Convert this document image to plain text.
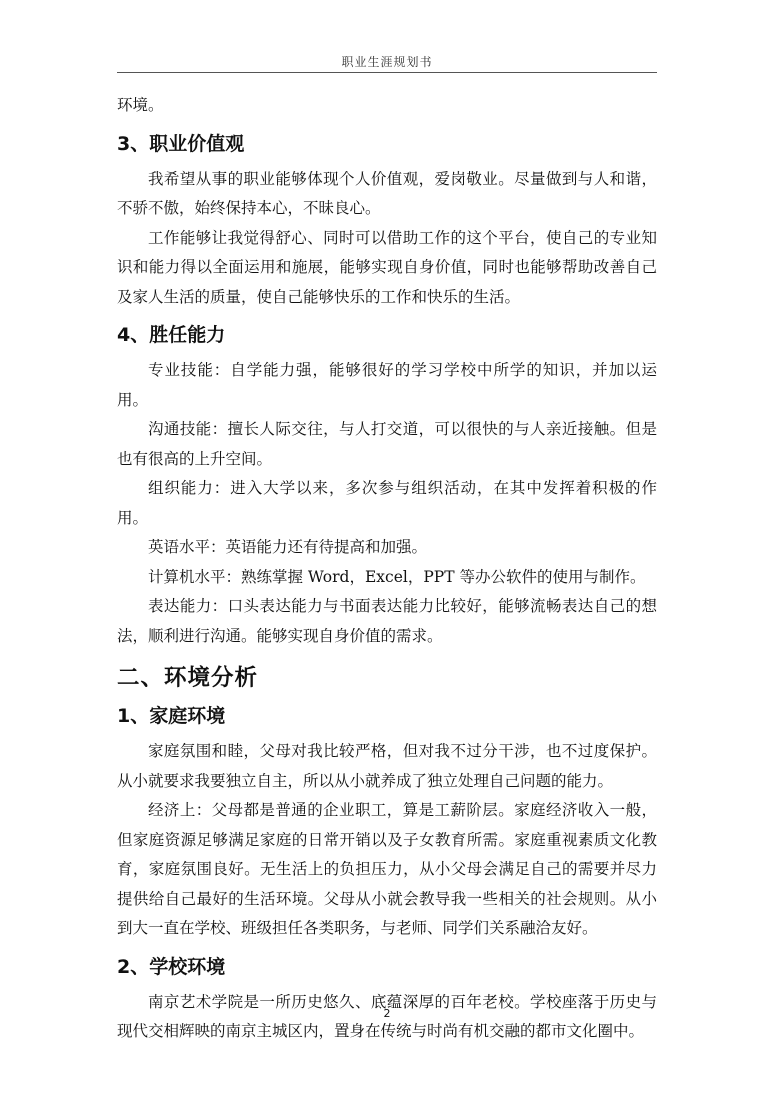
职业生涯规划书

环境。

3、职业价值观

我希望从事的职业能够体现个人价值观，爱岗敬业。尽量做到与人和谐，不骄不傲，始终保持本心，不昧良心。

工作能够让我觉得舒心、同时可以借助工作的这个平台，使自己的专业知识和能力得以全面运用和施展，能够实现自身价值，同时也能够帮助改善自己及家人生活的质量，使自己能够快乐的工作和快乐的生活。

4、胜任能力

专业技能：自学能力强，能够很好的学习学校中所学的知识，并加以运用。

沟通技能：擅长人际交往，与人打交道，可以很快的与人亲近接触。但是也有很高的上升空间。

组织能力：进入大学以来，多次参与组织活动，在其中发挥着积极的作用。

英语水平：英语能力还有待提高和加强。

计算机水平：熟练掌握 Word，Excel，PPT 等办公软件的使用与制作。

表达能力：口头表达能力与书面表达能力比较好，能够流畅表达自己的想法，顺利进行沟通。能够实现自身价值的需求。

二、环境分析
1、家庭环境

家庭氛围和睦，父母对我比较严格，但对我不过分干涉，也不过度保护。从小就要求我要独立自主，所以从小就养成了独立处理自己问题的能力。

经济上：父母都是普通的企业职工，算是工薪阶层。家庭经济收入一般，但家庭资源足够满足家庭的日常开销以及子女教育所需。家庭重视素质文化教育，家庭氛围良好。无生活上的负担压力，从小父母会满足自己的需要并尽力提供给自己最好的生活环境。父母从小就会教导我一些相关的社会规则。从小到大一直在学校、班级担任各类职务，与老师、同学们关系融洽友好。

2、学校环境

南京艺术学院是一所历史悠久、底蕴深厚的百年老校。学校座落于历史与现代交相辉映的南京主城区内，置身在传统与时尚有机交融的都市文化圈中。

2
